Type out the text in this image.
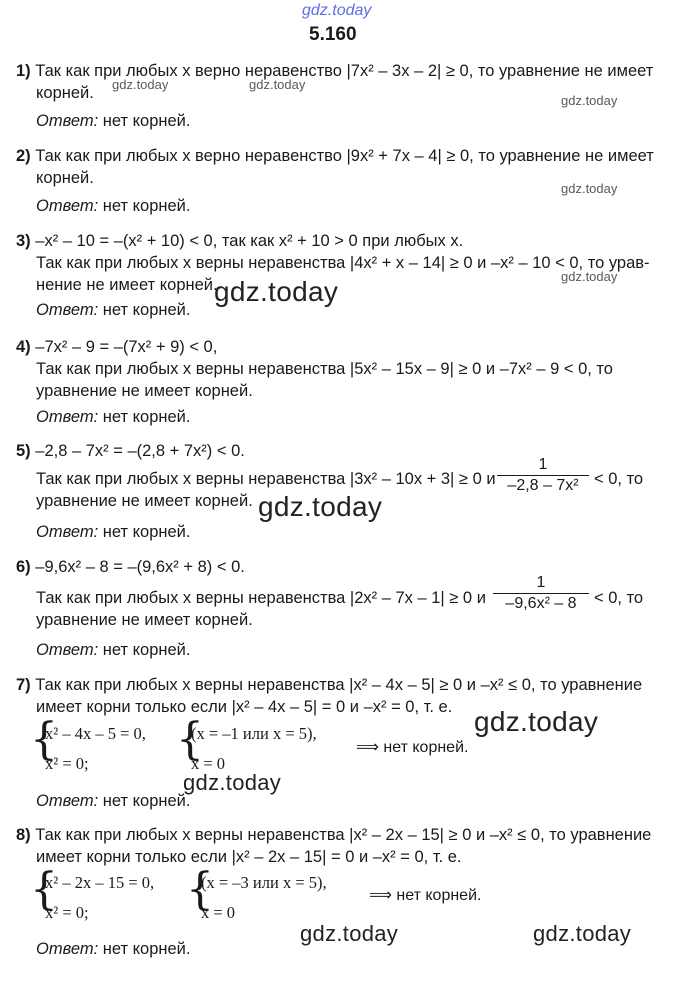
gdz.today
5.160
gdz.today	gdz.today
gdz.today
gdz.today
gdz.today
gdz.today
gdz.today
gdz.today
gdz.today
gdz.today	gdz.today
1) Так как при любых x верно неравенство |7x² – 3x – 2| ≥ 0, то уравнение не имеет
корней.
Ответ: нет корней.
2) Так как при любых x верно неравенство |9x² + 7x – 4| ≥ 0, то уравнение не имеет
корней.
Ответ: нет корней.
3) –x² – 10 = –(x² + 10) < 0, так как x² + 10 > 0 при любых x.
Так как при любых x верны неравенства |4x² + x – 14| ≥ 0 и –x² – 10 < 0, то урав-
нение не имеет корней.
Ответ: нет корней.
4) –7x² – 9 = –(7x² + 9) < 0,
Так как при любых x верны неравенства |5x² – 15x – 9| ≥ 0 и –7x² – 9 < 0, то
уравнение не имеет корней.
Ответ: нет корней.
5) –2,8 – 7x² = –(2,8 + 7x²) < 0.
Так как при любых x верны неравенства |3x² – 10x + 3| ≥ 0 и $\frac{1}{\text{–2,8 – 7x²}} < 0$, то
уравнение не имеет корней.
Ответ: нет корней.
6) –9,6x² – 8 = –(9,6x² + 8) < 0.
Так как при любых x верны неравенства |2x² – 7x – 1| ≥ 0 и $\frac{1}{\text{–9,6x² – 8}} < 0$, то
уравнение не имеет корней.
Ответ: нет корней.
7) Так как при любых x верны неравенства |x² – 4x – 5| ≥ 0 и –x² ≤ 0, то уравнение
имеет корни только если |x² – 4x – 5| = 0 и –x² = 0, т. е.
{
x² – 4x – 5 = 0,
x² = 0; {
(x = –1 или x = 5),
x = 0
⟹ нет корней.
Ответ: нет корней.
8) Так как при любых x верны неравенства |x² – 2x – 15| ≥ 0 и –x² ≤ 0, то уравнение
имеет корни только если |x² – 2x – 15| = 0 и –x² = 0, т. е.
{
x² – 2x – 15 = 0,
x² = 0; {
(x = –3 или x = 5),
x = 0
⟹ нет корней.
Ответ: нет корней.
